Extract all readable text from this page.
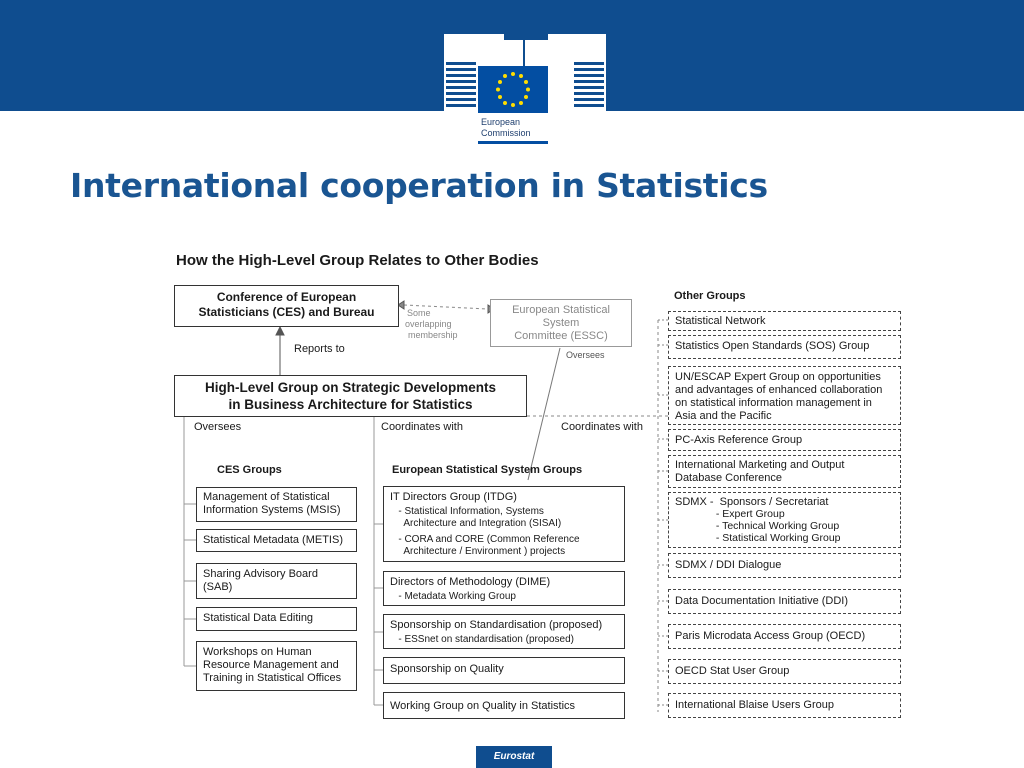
European
Commission
International cooperation in Statistics
How the High-Level Group Relates to Other Bodies
Conference of European
Statisticians (CES) and Bureau	European Statistical
System
Committee (ESSC)
Some
overlapping
membership
Reports to	Oversees
High-Level Group on Strategic Developments
in Business Architecture for Statistics
Oversees	Coordinates with	Coordinates with
CES Groups	European Statistical System Groups
Other Groups
Management of Statistical
Information Systems (MSIS)
Statistical Metadata (METIS)
Sharing Advisory Board
(SAB)
Statistical Data Editing
Workshops on Human
Resource Management and
Training in Statistical Offices
IT Directors Group (ITDG)
- Statistical Information, Systems
Architecture and Integration (SISAI)
- CORA and CORE (Common Reference
Architecture / Environment ) projects
Directors of Methodology (DIME)
- Metadata Working Group
Sponsorship on Standardisation (proposed)
- ESSnet on standardisation (proposed)
Sponsorship on Quality
Working Group on Quality in Statistics
Statistical Network
Statistics Open Standards (SOS) Group
UN/ESCAP Expert Group on opportunities
and advantages of enhanced collaboration
on statistical information management in
Asia and the Pacific
PC-Axis Reference Group
International Marketing and Output
Database Conference
SDMX -  Sponsors / Secretariat
- Expert Group
- Technical Working Group
- Statistical Working Group
SDMX / DDI Dialogue
Data Documentation Initiative (DDI)
Paris Microdata Access Group (OECD)
OECD Stat User Group
International Blaise Users Group
Eurostat
